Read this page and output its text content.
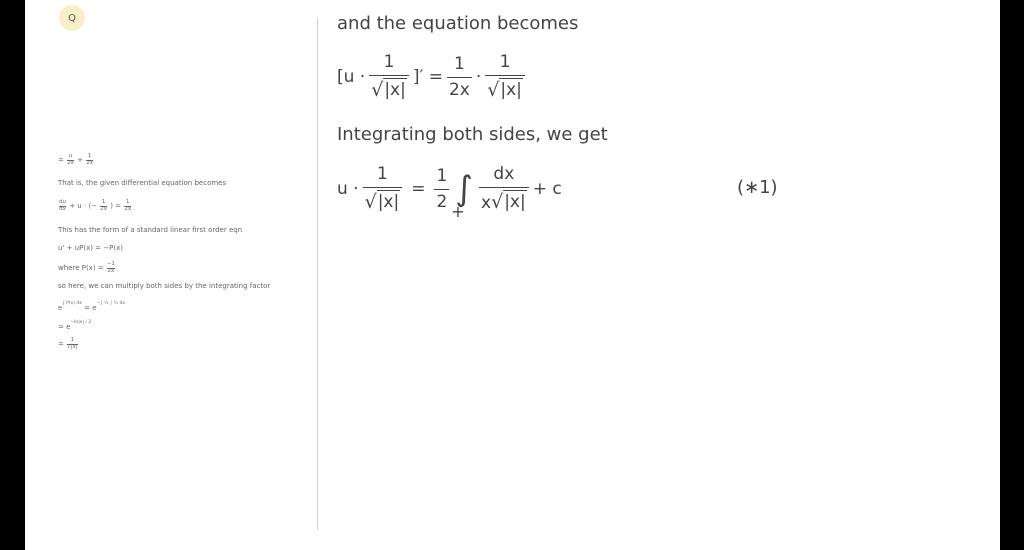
Q
= $\frac{u}{2x} + \frac{1}{2x}$
That is, the given differential equation becomes
$\frac{du}{dx} + u$ · (− $\frac{1}{2x}$ ) = $\frac{1}{2x}$
This has the form of a standard linear first order eqn
u' + uP(x) = −P(x)
where $P(x) = \frac{-1}{2x}$
so here, we can multiply both sides by the integrating factor
$e^{\int P(x) dx} = e^{-\int \frac{1}{2} \int \frac{1}{2} dx}$
= $e^{-ln|x| / 2}$
= $\frac{1}{√|x|}$
and the equation becomes
[$u \cdot \frac{1}{√ |x|}$ ]′ = $\frac{1}{2x} \cdot \frac{1}{√ |x|}$
Integrating both sides, we get
$u \cdot \frac{1}{√ |x|} = \frac{1}{2}$ ∫
+ $\frac{dx}{x √ |x|} + c$	(∗1)
